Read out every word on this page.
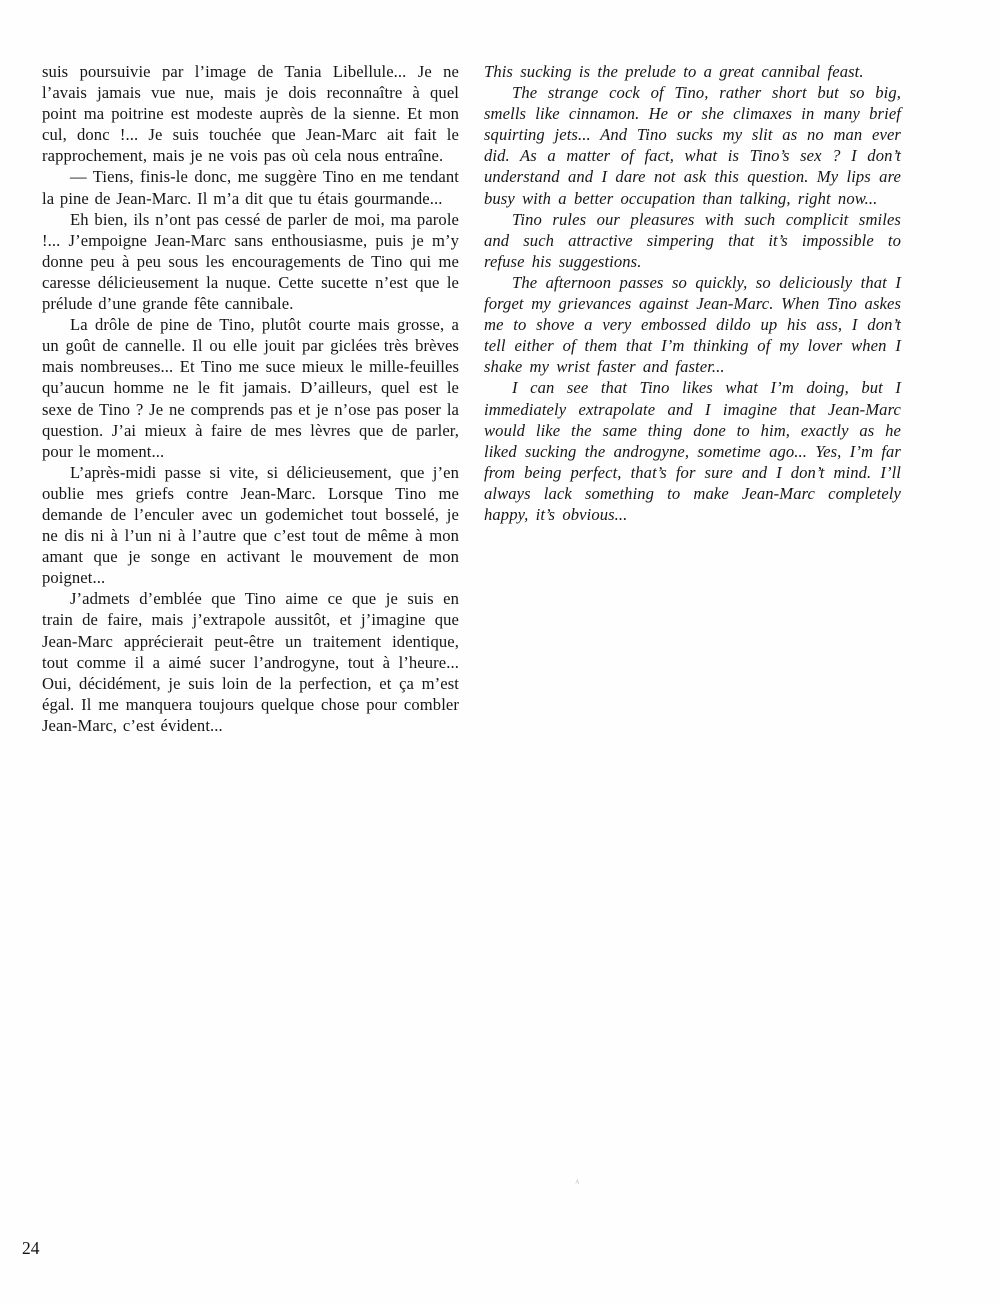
suis poursuivie par l’image de Tania Libellule... Je ne l’avais jamais vue nue, mais je dois reconnaître à quel point ma poitrine est modeste auprès de la sienne. Et mon cul, donc !... Je suis touchée que Jean-Marc ait fait le rapprochement, mais je ne vois pas où cela nous entraîne.

— Tiens, finis-le donc, me suggère Tino en me tendant la pine de Jean-Marc. Il m’a dit que tu étais gourmande...

Eh bien, ils n’ont pas cessé de parler de moi, ma parole !... J’empoigne Jean-Marc sans enthousiasme, puis je m’y donne peu à peu sous les encouragements de Tino qui me caresse délicieusement la nuque. Cette sucette n’est que le prélude d’une grande fête cannibale.

La drôle de pine de Tino, plutôt courte mais grosse, a un goût de cannelle. Il ou elle jouit par giclées très brèves mais nombreuses... Et Tino me suce mieux le mille-feuilles qu’aucun homme ne le fit jamais. D’ailleurs, quel est le sexe de Tino ? Je ne comprends pas et je n’ose pas poser la question. J’ai mieux à faire de mes lèvres que de parler, pour le moment...

L’après-midi passe si vite, si délicieusement, que j’en oublie mes griefs contre Jean-Marc. Lorsque Tino me demande de l’enculer avec un godemichet tout bosselé, je ne dis ni à l’un ni à l’autre que c’est tout de même à mon amant que je songe en activant le mouvement de mon poignet...

J’admets d’emblée que Tino aime ce que je suis en train de faire, mais j’extrapole aussitôt, et j’imagine que Jean-Marc apprécierait peut-être un traitement identique, tout comme il a aimé sucer l’androgyne, tout à l’heure... Oui, décidément, je suis loin de la perfection, et ça m’est égal. Il me manquera toujours quelque chose pour combler Jean-Marc, c’est évident...

This sucking is the prelude to a great cannibal feast.

The strange cock of Tino, rather short but so big, smells like cinnamon. He or she climaxes in many brief squirting jets... And Tino sucks my slit as no man ever did. As a matter of fact, what is Tino’s sex ? I don’t understand and I dare not ask this question. My lips are busy with a better occupation than talking, right now...

Tino rules our pleasures with such complicit smiles and such attractive simpering that it’s impossible to refuse his suggestions.

The afternoon passes so quickly, so deliciously that I forget my grievances against Jean-Marc. When Tino askes me to shove a very embossed dildo up his ass, I don’t tell either of them that I’m thinking of my lover when I shake my wrist faster and faster...

I can see that Tino likes what I’m doing, but I immediately extrapolate and I imagine that Jean-Marc would like the same thing done to him, exactly as he liked sucking the androgyne, sometime ago... Yes, I’m far from being perfect, that’s for sure and I don’t mind. I’ll always lack something to make Jean-Marc completely happy, it’s obvious...

ʌ
24
